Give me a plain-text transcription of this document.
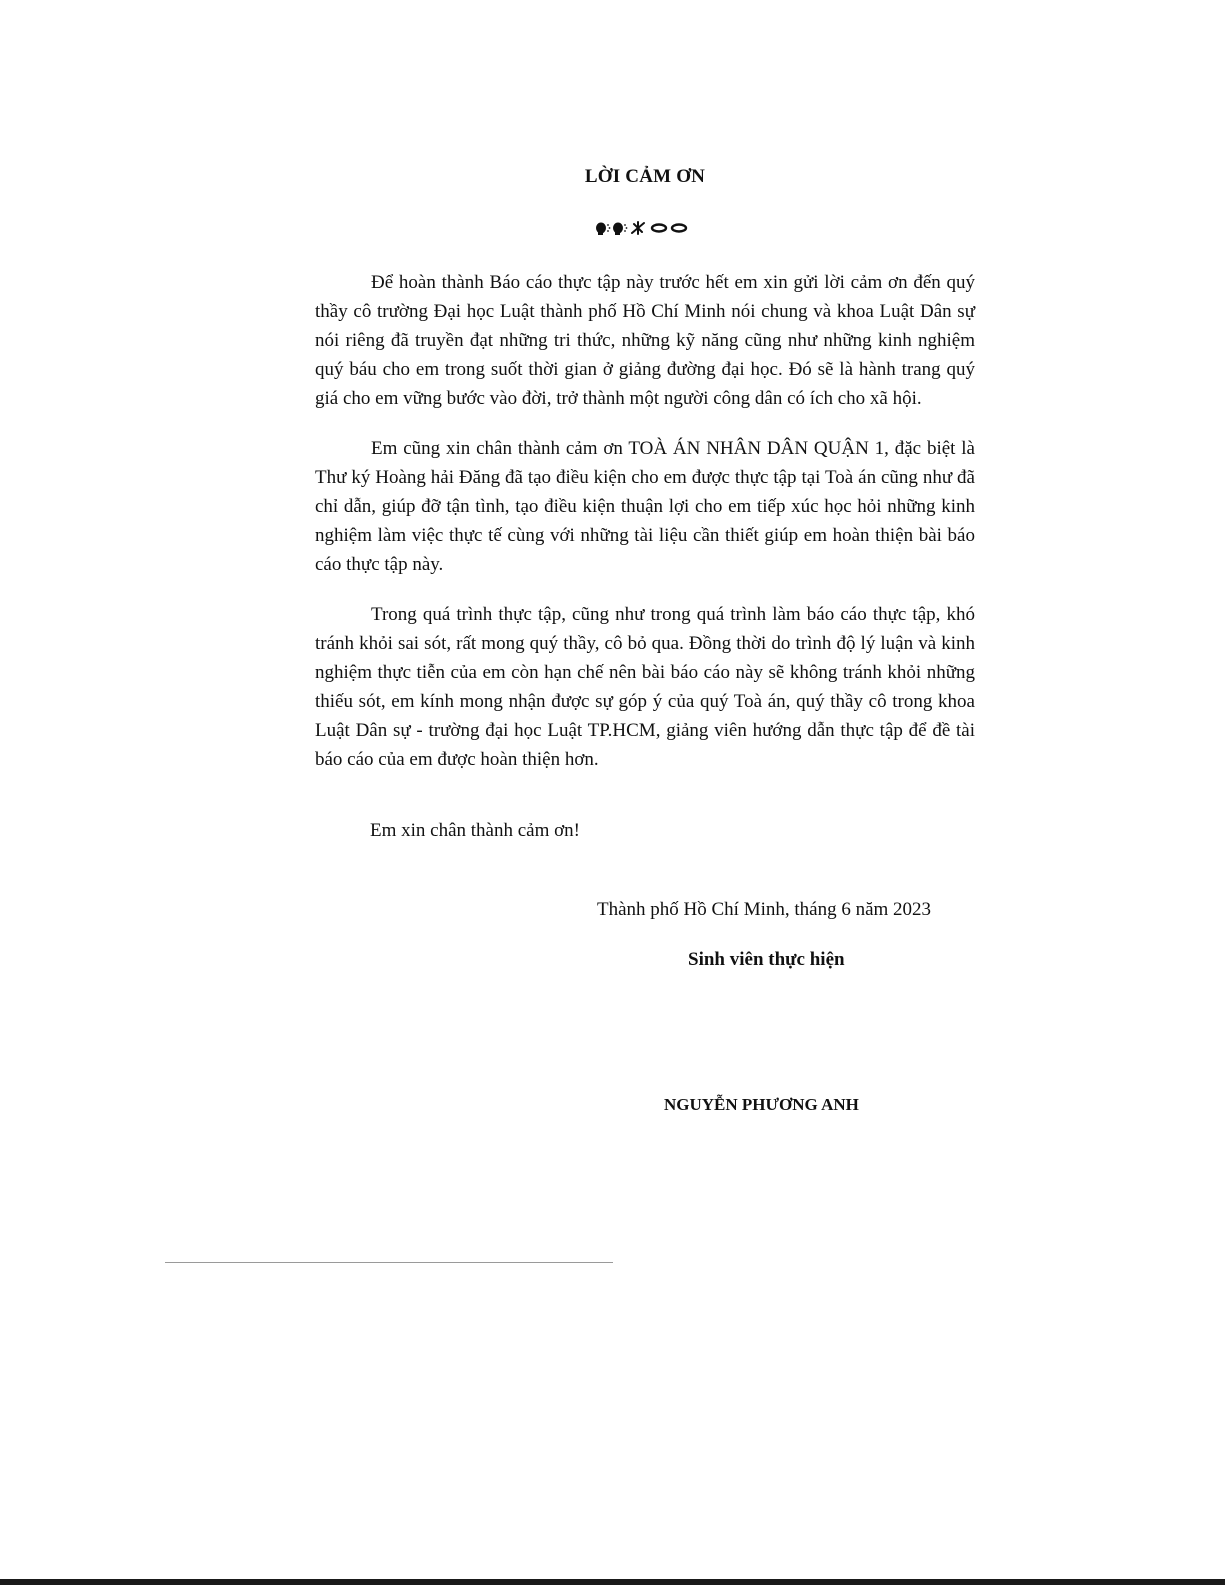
LỜI CẢM ƠN

Để hoàn thành Báo cáo thực tập này trước hết em xin gửi lời cảm ơn đến quý thầy cô trường Đại học Luật thành phố Hồ Chí Minh nói chung và khoa Luật Dân sự nói riêng đã truyền đạt những tri thức, những kỹ năng cũng như những kinh nghiệm quý báu cho em trong suốt thời gian ở giảng đường đại học. Đó sẽ là hành trang quý giá cho em vững bước vào đời, trở thành một người công dân có ích cho xã hội.

Em cũng xin chân thành cảm ơn TOÀ ÁN NHÂN DÂN QUẬN 1, đặc biệt là Thư ký Hoàng hải Đăng đã tạo điều kiện cho em được thực tập tại Toà án cũng như đã chỉ dẫn, giúp đỡ tận tình, tạo điều kiện thuận lợi cho em tiếp xúc học hỏi những kinh nghiệm làm việc thực tế cùng với những tài liệu cần thiết giúp em hoàn thiện bài báo cáo thực tập này.

Trong quá trình thực tập, cũng như trong quá trình làm báo cáo thực tập, khó tránh khỏi sai sót, rất mong quý thầy, cô bỏ qua. Đồng thời do trình độ lý luận và kinh nghiệm thực tiễn của em còn hạn chế nên bài báo cáo này sẽ không tránh khỏi những thiếu sót, em kính mong nhận được sự góp ý của quý Toà án, quý thầy cô trong khoa Luật Dân sự - trường đại học Luật TP.HCM, giảng viên hướng dẫn thực tập để đề tài báo cáo của em được hoàn thiện hơn.

Em xin chân thành cảm ơn!
Thành phố Hồ Chí Minh, tháng 6 năm 2023
Sinh viên thực hiện
NGUYỄN PHƯƠNG ANH
